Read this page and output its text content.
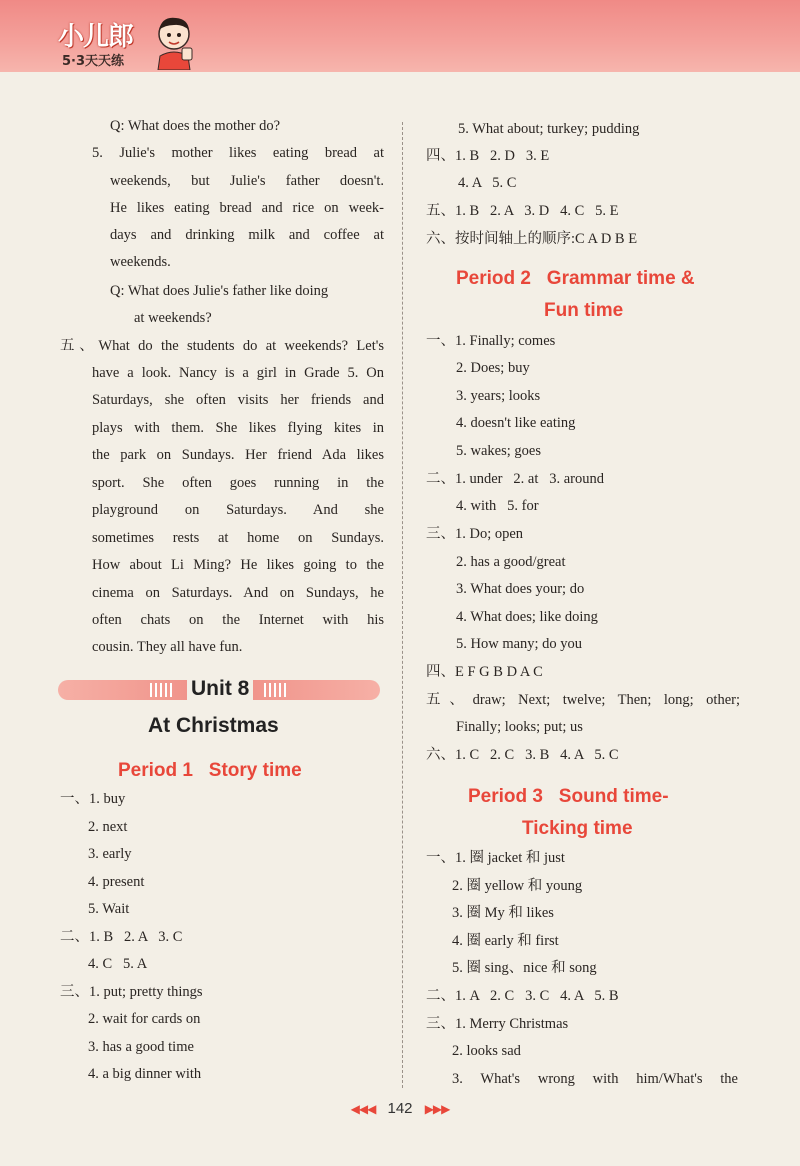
小儿郎
5·3天天练
Q: What does the mother do?
5. Julie's mother likes eating bread at
weekends, but Julie's father doesn't.
He likes eating bread and rice on week-
days and drinking milk and coffee at
weekends.
Q: What does Julie's father like doing
at weekends?
五、What do the students do at weekends? Let's
have a look. Nancy is a girl in Grade 5. On
Saturdays, she often visits her friends and
plays with them. She likes flying kites in
the park on Sundays. Her friend Ada likes
sport. She often goes running in the
playground on Saturdays. And she
sometimes rests at home on Sundays.
How about Li Ming? He likes going to the
cinema on Saturdays. And on Sundays, he
often chats on the Internet with his
cousin. They all have fun.
Unit 8
At Christmas
Period 1   Story time
一、1. buy
2. next
3. early
4. present
5. Wait
二、1. B   2. A   3. C
4. C   5. A
三、1. put; pretty things
2. wait for cards on
3. has a good time
4. a big dinner with
5. What about; turkey; pudding
四、1. B   2. D   3. E
4. A   5. C
五、1. B   2. A   3. D   4. C   5. E
六、按时间轴上的顺序:C A D B E
Period 2   Grammar time &
Fun time
一、1. Finally; comes
2. Does; buy
3. years; looks
4. doesn't like eating
5. wakes; goes
二、1. under   2. at   3. around
4. with   5. for
三、1. Do; open
2. has a good/great
3. What does your; do
4. What does; like doing
5. How many; do you
四、E F G B D A C
五、draw; Next; twelve; Then; long; other;
Finally; looks; put; us
六、1. C   2. C   3. B   4. A   5. C
Period 3   Sound time-
Ticking time
一、1. 圈 jacket 和 just
2. 圈 yellow 和 young
3. 圈 My 和 likes
4. 圈 early 和 first
5. 圈 sing、nice 和 song
二、1. A   2. C   3. C   4. A   5. B
三、1. Merry Christmas
2. looks sad
3. What's wrong with him/What's the
◀◀◀ 142 ▶▶▶
